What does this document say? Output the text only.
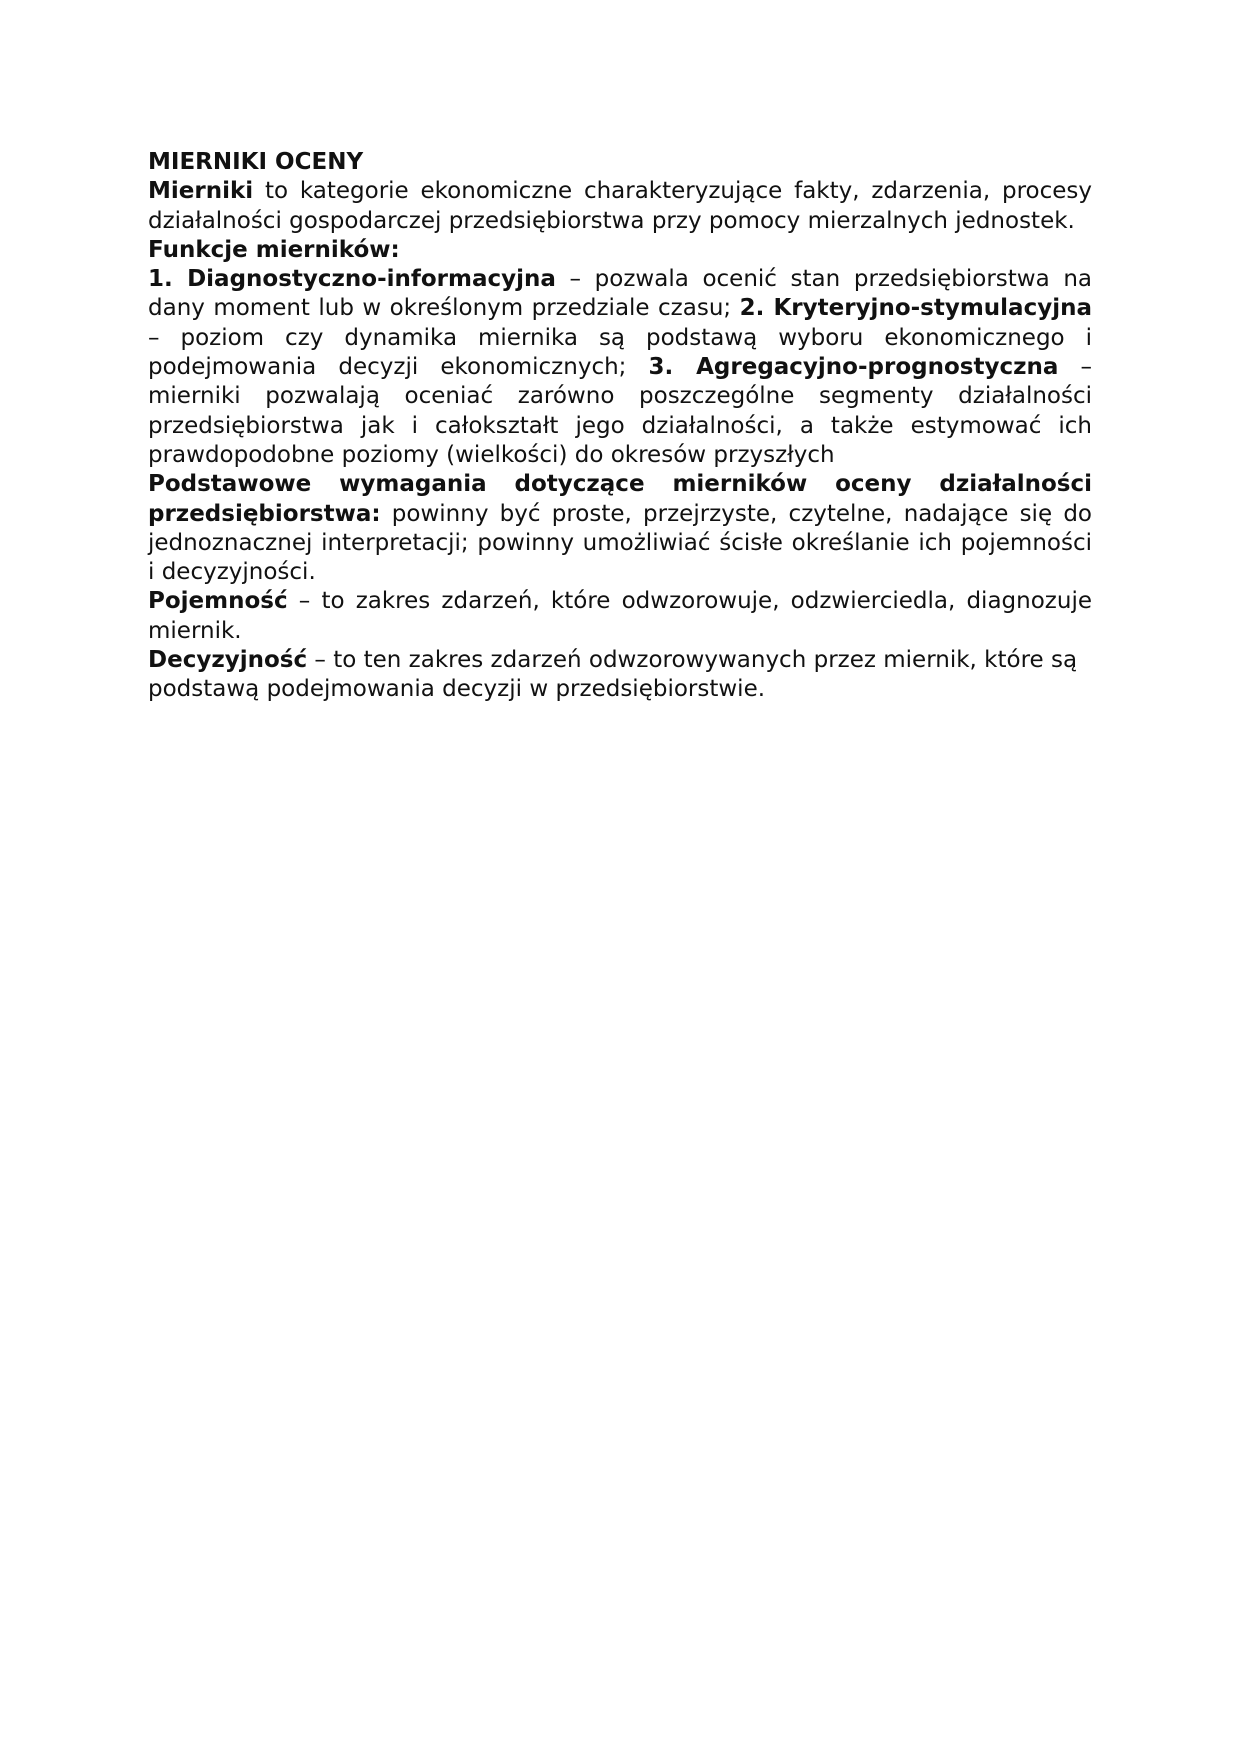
MIERNIKI OCENY

Mierniki to kategorie ekonomiczne charakteryzujące fakty, zdarzenia, procesy działalności gospodarczej przedsiębiorstwa przy pomocy mierzalnych jednostek.

Funkcje mierników:

1. Diagnostyczno-informacyjna – pozwala ocenić stan przedsiębiorstwa na dany moment lub w określonym przedziale czasu; 2. Kryteryjno-stymulacyjna – poziom czy dynamika miernika są podstawą wyboru ekonomicznego i podejmowania decyzji ekonomicznych; 3. Agregacyjno-prognostyczna – mierniki pozwalają oceniać zarówno poszczególne segmenty działalności przedsiębiorstwa jak i całokształt jego działalności, a także estymować ich prawdopodobne poziomy (wielkości) do okresów przyszłych

Podstawowe wymagania dotyczące mierników oceny działalności przedsiębiorstwa: powinny być proste, przejrzyste, czytelne, nadające się do jednoznacznej interpretacji; powinny umożliwiać ścisłe określanie ich pojemności i decyzyjności.

Pojemność – to zakres zdarzeń, które odwzorowuje, odzwierciedla, diagnozuje miernik.

Decyzyjność – to ten zakres zdarzeń odwzorowywanych przez miernik, które są podstawą podejmowania decyzji w przedsiębiorstwie.
